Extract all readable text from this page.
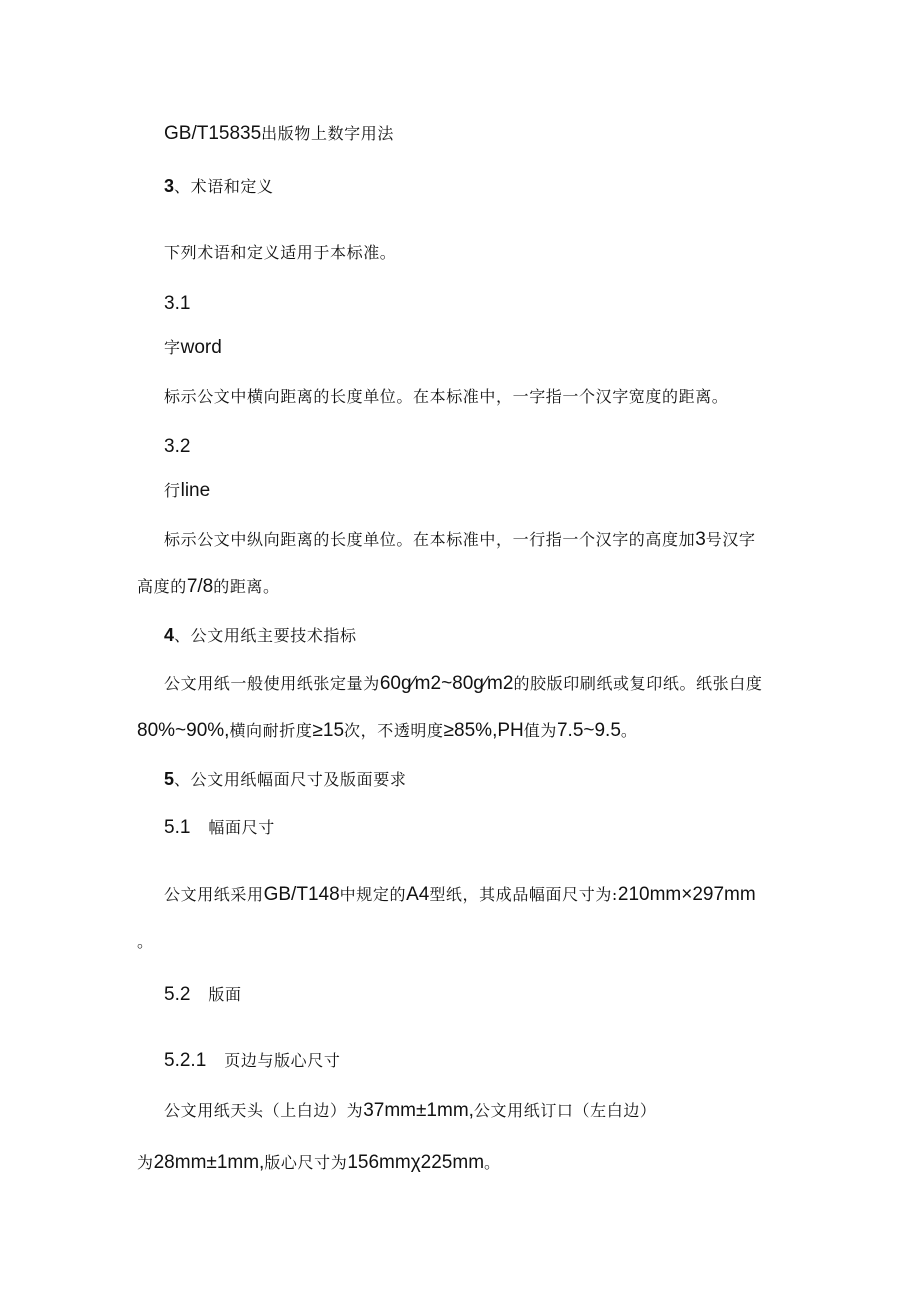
GB/T15835出版物上数字用法
3、术语和定义
下列术语和定义适用于本标准。
3.1
字word
标示公文中横向距离的长度单位。在本标准中，一字指一个汉字宽度的距离。
3.2
行line
标示公文中纵向距离的长度单位。在本标准中，一行指一个汉字的高度加3号汉字
高度的7/8的距离。
4、公文用纸主要技术指标
公文用纸一般使用纸张定量为60g∕m2~80g∕m2的胶版印刷纸或复印纸。纸张白度
80%~90%,横向耐折度≥15次，不透明度≥85%,PH值为7.5~9.5。
5、公文用纸幅面尺寸及版面要求
5.1 幅面尺寸
公文用纸采用GB/T148中规定的A4型纸，其成品幅面尺寸为:210mm×297mm
。
5.2 版面
5.2.1 页边与版心尺寸
公文用纸天头（上白边）为37mm±1mm,公文用纸订口（左白边）
为28mm±1mm,版心尺寸为156mmχ225mm。
